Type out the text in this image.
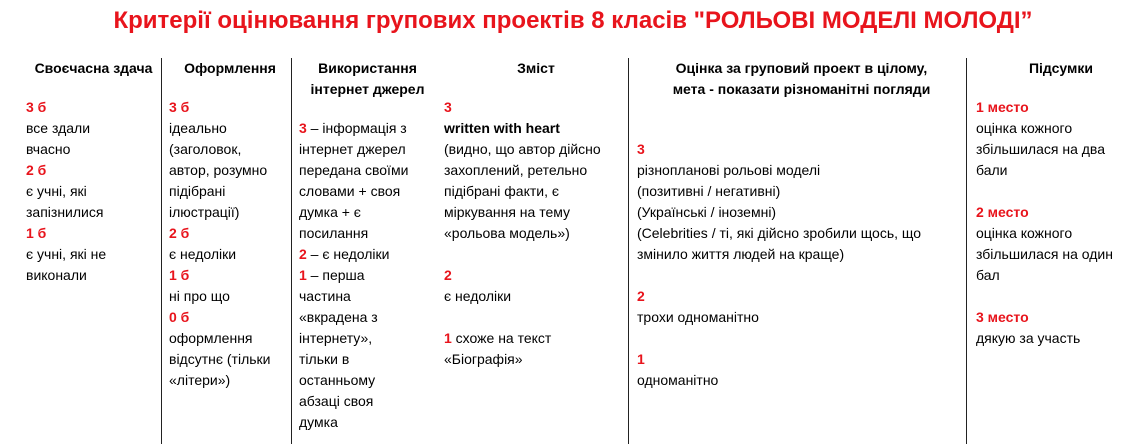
Критерії оцінювання групових проектів 8 класів "РОЛЬОВІ МОДЕЛІ МОЛОДІ”
Своєчасна здача
3 б
все здали
вчасно
2 б
є учні, які
запізнилися
1 б
є учні, які не
виконали
Оформлення
3 б
ідеально
(заголовок,
автор, розумно
підібрані
ілюстрації)
2 б
є недоліки
1 б
ні про що
0 б
оформлення
відсутнє (тільки
«літери»)
Використання
інтернет джерел
3 – інформація з
інтернет джерел
передана своїми
словами + своя
думка + є
посилання
2 – є недоліки
1 – перша
частина
«вкрадена з
інтернету»,
тільки в
останньому
абзаці своя
думка
Зміст
3
written with heart
(видно, що автор дійсно
захоплений, ретельно
підібрані факти, є
міркування на тему
«рольова модель»)
2
є недоліки
1 схоже на текст
«Біографія»
Оцінка за груповий проект в цілому,
мета - показати різноманітні погляди
3
різнопланові рольові моделі
(позитивні / негативні)
(Українські / іноземні)
(Celebrities / ті, які дійсно зробили щось, що
змінило життя людей на краще)
2
трохи одноманітно
1
одноманітно
Підсумки
1 место
оцінка кожного
збільшилася на два
бали
2 место
оцінка кожного
збільшилася на один
бал
3 место
дякую за участь
